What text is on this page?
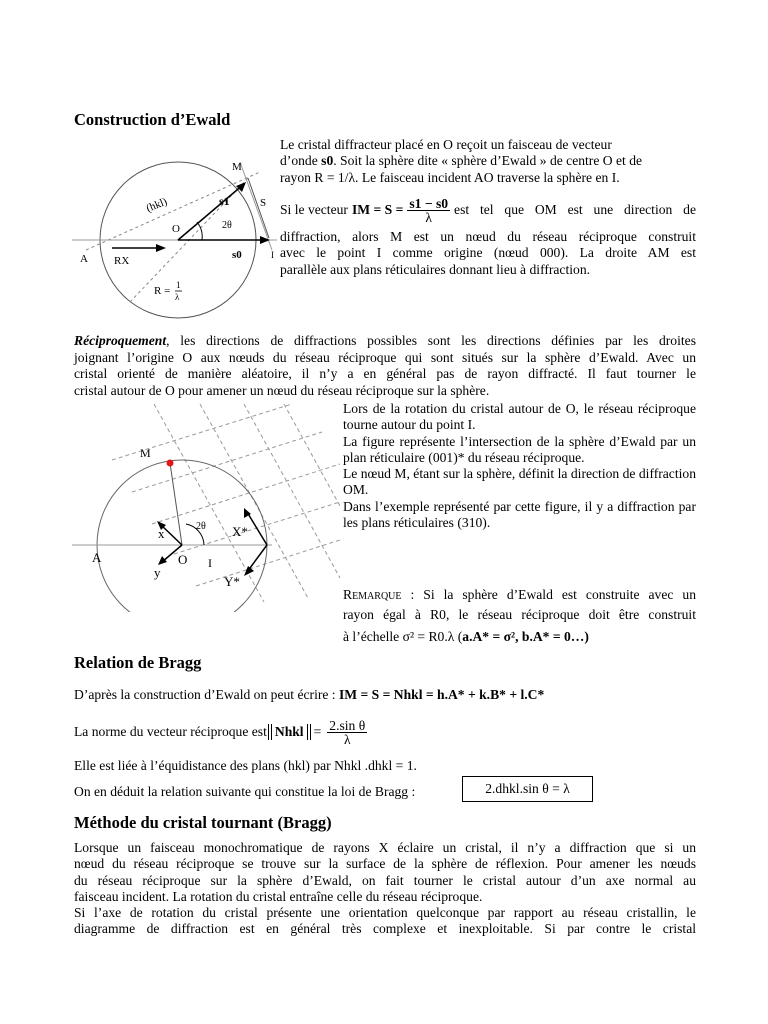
Construction d’Ewald
M
(hkl)	s1	S
2θ
O
s0
A RX	I
R = 1
λ
Le cristal diffracteur placé en O reçoit un faisceau de vecteur
d’onde s0. Soit la sphère dite « sphère d’Ewald » de centre O et de
rayon R = 1/λ. Le faisceau incident AO traverse la sphère en I.
Si le vecteur IM = $S = \frac{s1 - s0}{\lambda}$ est tel que OM est une direction de
diffraction, alors M est un nœud du réseau réciproque construit
avec le point I comme origine (nœud 000). La droite AM est
parallèle aux plans réticulaires donnant lieu à diffraction.
Réciproquement, les directions de diffractions possibles sont les directions définies par les droites
joignant l’origine O aux nœuds du réseau réciproque qui sont situés sur la sphère d’Ewald. Avec un
cristal orienté de manière aléatoire, il n’y a en général pas de rayon diffracté. Il faut tourner le
cristal autour de O pour amener un nœud du réseau réciproque sur la sphère.
M
x	2θ X*
A	O I
y
Y*
Lors de la rotation du cristal autour de O, le réseau réciproque tourne autour du point I.
La figure représente l’intersection de la sphère d’Ewald par un plan réticulaire (001)* du réseau réciproque.
Le nœud M, étant sur la sphère, définit la direction de diffraction OM.
Dans l’exemple représenté par cette figure, il y a diffraction par les plans réticulaires (310).
Remarque : Si la sphère d’Ewald est construite avec un
rayon égal à R0, le réseau réciproque doit être construit
à l’échelle σ² = R0.λ (a.A* = σ², b.A* = 0…)
Relation de Bragg
D’après la construction d’Ewald on peut écrire : IM = S = Nhkl = h.A* + k.B* + l.C*
La norme du vecteur réciproque est Nhkl = $\frac{\text{2.sin θ}}{\lambda}$
Elle est liée à l’équidistance des plans (hkl) par Nhkl .dhkl = 1.
On en déduit la relation suivante qui constitue la loi de Bragg :	2.dhkl.sin θ = λ
Méthode du cristal tournant (Bragg)
Lorsque un faisceau monochromatique de rayons X éclaire un cristal, il n’y a diffraction que si un
nœud du réseau réciproque se trouve sur la surface de la sphère de réflexion. Pour amener les nœuds
du réseau réciproque sur la sphère d’Ewald, on fait tourner le cristal autour d’un axe normal au
faisceau incident. La rotation du cristal entraîne celle du réseau réciproque.
Si l’axe de rotation du cristal présente une orientation quelconque par rapport au réseau cristallin, le
diagramme de diffraction est en général très complexe et inexploitable. Si par contre le cristal
